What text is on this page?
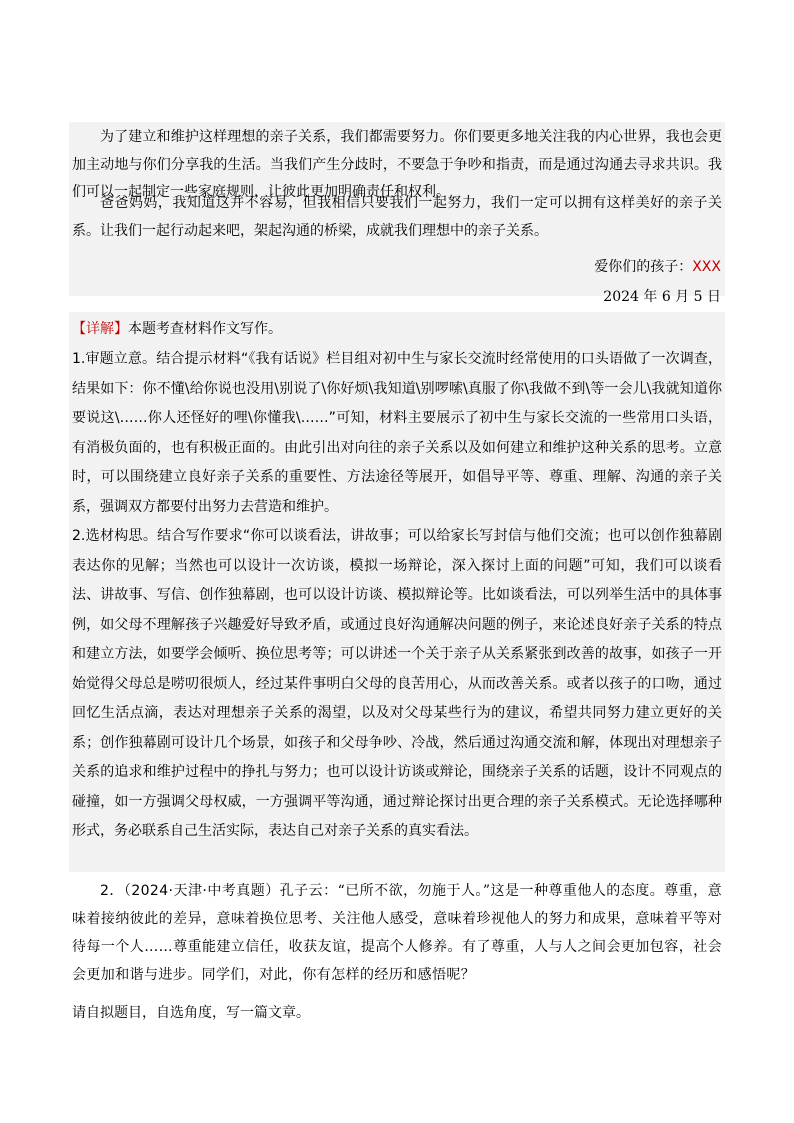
为了建立和维护这样理想的亲子关系，我们都需要努力。你们要更多地关注我的内心世界，我也会更加主动地与你们分享我的生活。当我们产生分歧时，不要急于争吵和指责，而是通过沟通去寻求共识。我们可以一起制定一些家庭规则，让彼此更加明确责任和权利。

爸爸妈妈，我知道这并不容易，但我相信只要我们一起努力，我们一定可以拥有这样美好的亲子关系。让我们一起行动起来吧，架起沟通的桥梁，成就我们理想中的亲子关系。

爱你们的孩子：XXX
2024 年 6 月 5 日

【详解】本题考查材料作文写作。

1.审题立意。结合提示材料“《我有话说》栏目组对初中生与家长交流时经常使用的口头语做了一次调查，结果如下：你不懂\给你说也没用\别说了\你好烦\我知道\别啰嗦\真服了你\我做不到\等一会儿\我就知道你要说这\……你人还怪好的哩\你懂我\……”可知，材料主要展示了初中生与家长交流的一些常用口头语，有消极负面的，也有积极正面的。由此引出对向往的亲子关系以及如何建立和维护这种关系的思考。立意时，可以围绕建立良好亲子关系的重要性、方法途径等展开，如倡导平等、尊重、理解、沟通的亲子关系，强调双方都要付出努力去营造和维护。

2.选材构思。结合写作要求“你可以谈看法，讲故事；可以给家长写封信与他们交流；也可以创作独幕剧表达你的见解；当然也可以设计一次访谈，模拟一场辩论，深入探讨上面的问题”可知，我们可以谈看法、讲故事、写信、创作独幕剧，也可以设计访谈、模拟辩论等。比如谈看法，可以列举生活中的具体事例，如父母不理解孩子兴趣爱好导致矛盾，或通过良好沟通解决问题的例子，来论述良好亲子关系的特点和建立方法，如要学会倾听、换位思考等；可以讲述一个关于亲子从关系紧张到改善的故事，如孩子一开始觉得父母总是唠叨很烦人，经过某件事明白父母的良苦用心，从而改善关系。或者以孩子的口吻，通过回忆生活点滴，表达对理想亲子关系的渴望，以及对父母某些行为的建议，希望共同努力建立更好的关系；创作独幕剧可设计几个场景，如孩子和父母争吵、冷战，然后通过沟通交流和解，体现出对理想亲子关系的追求和维护过程中的挣扎与努力；也可以设计访谈或辩论，围绕亲子关系的话题，设计不同观点的碰撞，如一方强调父母权威，一方强调平等沟通，通过辩论探讨出更合理的亲子关系模式。无论选择哪种形式，务必联系自己生活实际，表达自己对亲子关系的真实看法。

2．（2024·天津·中考真题）孔子云：“已所不欲，勿施于人。”这是一种尊重他人的态度。尊重，意味着接纳彼此的差异，意味着换位思考、关注他人感受，意味着珍视他人的努力和成果，意味着平等对待每一个人……尊重能建立信任，收获友谊，提高个人修养。有了尊重，人与人之间会更加包容，社会会更加和谐与进步。同学们，对此，你有怎样的经历和感悟呢？

请自拟题目，自选角度，写一篇文章。
